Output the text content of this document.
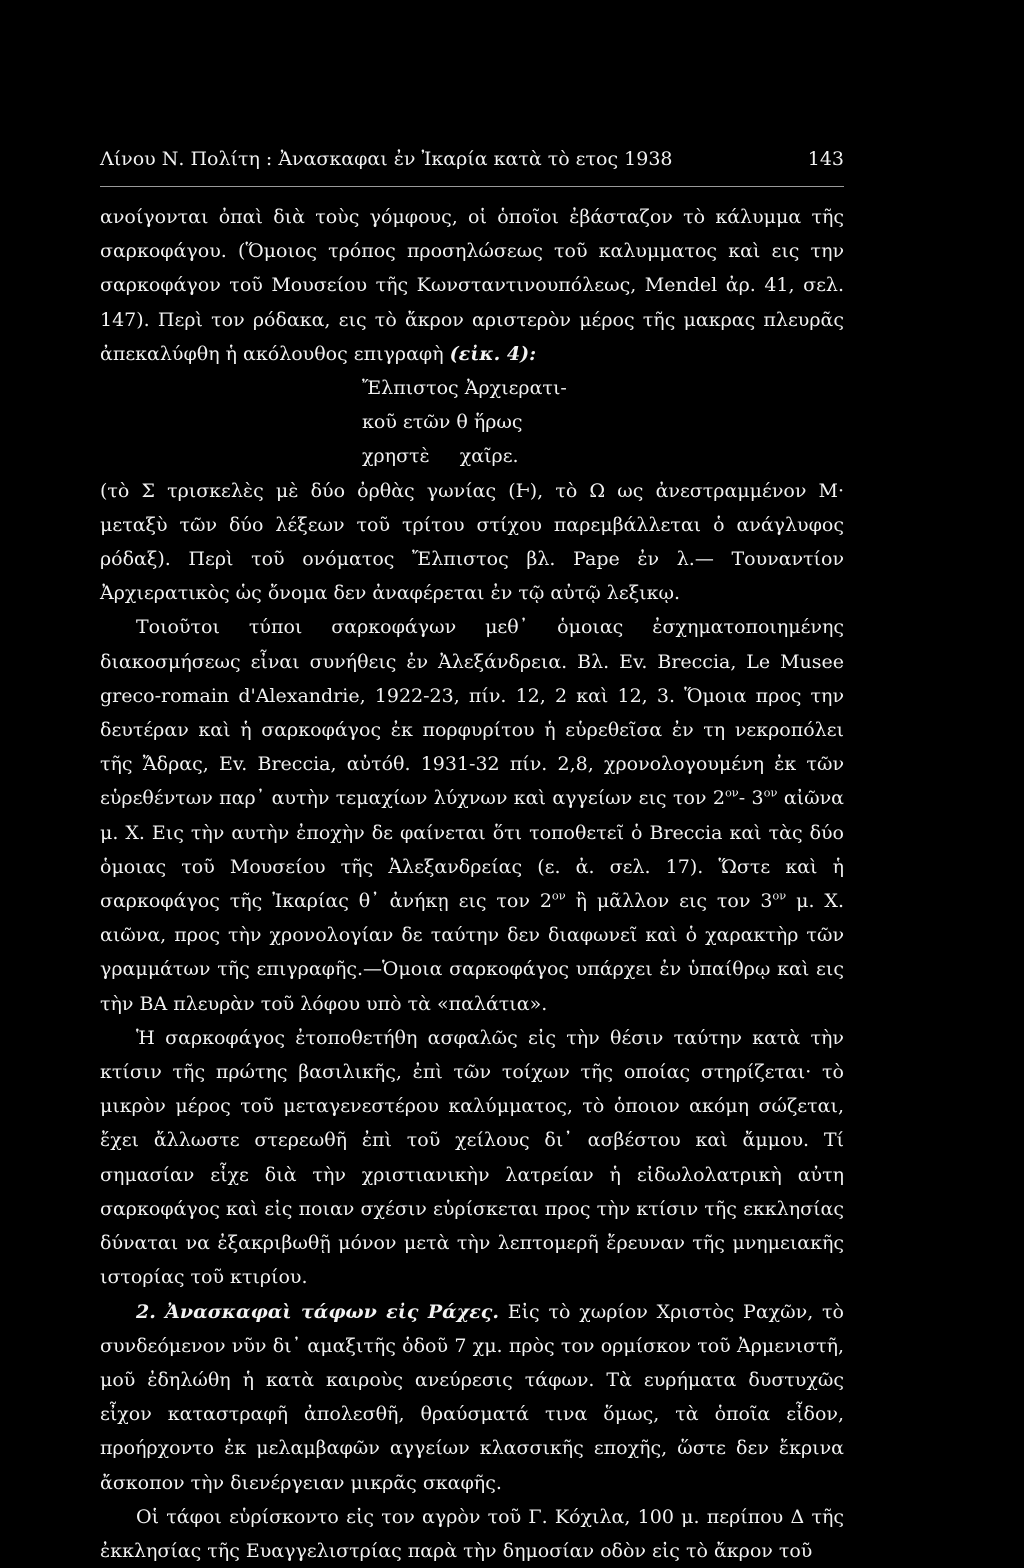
Λίνου Ν. Πολίτη : Ἀνασκαφαι ἐν Ἰκαρία κατὰ τὸ ετος 1938	143

ανοίγονται ὀπαὶ διὰ τοὺς γόμφους, οἱ ὁποῖοι ἐβάσταζον τὸ κάλυμμα τῆς σαρκοφάγου. (Ὅμοιος τρόπος προσηλώσεως τοῦ καλυμματος καὶ εις την σαρκοφάγον τοῦ Μουσείου τῆς Κωνσταντινουπόλεως, Mendel ἀρ. 41, σελ. 147). Περὶ τον ρόδακα, εις τὸ ἄκρον αριστερὸν μέρος τῆς μακρας πλευρᾶς ἀπεκαλύφθη ἡ ακόλουθος επιγραφὴ (εἰκ. 4):

Ἔλπιστος Ἀρχιερατι-
κοῦ ετῶν θ ἥρως
χρηστὲ χαῖρε.

(τὸ Σ τρισκελὲς μὲ δύο ὀρθὰς γωνίας (Ͱ), τὸ Ω ως ἀνεστραμμένον Μ· μεταξὺ τῶν δύο λέξεων τοῦ τρίτου στίχου παρεμβάλλεται ὁ ανάγλυφος ρόδαξ). Περὶ τοῦ ονόματος Ἔλπιστος βλ. Pape ἐν λ.— Τουναντίον Ἀρχιερατικὸς ὡς ὄνομα δεν ἀναφέρεται ἐν τῷ αὐτῷ λεξικῳ.

Τοιοῦτοι τύποι σαρκοφάγων μεθ᾽ ὁμοιας ἐσχηματοποιημένης διακοσμήσεως εἶναι συνήθεις ἐν Ἀλεξάνδρεια. Βλ. Ev. Breccia, Le Musee greco-romain d'Alexandrie, 1922-23, πίν. 12, 2 καὶ 12, 3. Ὅμοια προς την δευτέραν καὶ ἡ σαρκοφάγος ἐκ πορφυρίτου ἡ εὑρεθεῖσα ἐν τη νεκροπόλει τῆς Ἄδρας, Ev. Breccia, αὐτόθ. 1931-32 πίν. 2,8, χρονολογουμένη ἐκ τῶν εὑρεθέντων παρ᾽ αυτὴν τεμαχίων λύχνων καὶ αγγείων εις τον $2^{o\nu}-$ $3^{o\nu}$ αἰῶνα μ. Χ. Εις τὴν αυτὴν ἐποχὴν δε φαίνεται ὅτι τοποθετεῖ ὁ Breccia καὶ τὰς δύο ὁμοιας τοῦ Μουσείου τῆς Ἀλεξανδρείας (ε. ἀ. σελ. 17). Ὥστε καὶ ἡ σαρκοφάγος τῆς Ἰκαρίας θ᾽ ἀνήκῃ εις τον $2^{o\nu}$ ἢ μᾶλλον εις τον $3^{o\nu}$ μ. Χ. αιῶνα, προς τὴν χρονολογίαν δε ταύτην δεν διαφωνεῖ καὶ ὁ χαρακτὴρ τῶν γραμμάτων τῆς επιγραφῆς.—Ὁμοια σαρκοφάγος υπάρχει ἐν ὑπαίθρῳ καὶ εις τὴν ΒΑ πλευρὰν τοῦ λόφου υπὸ τὰ «παλάτια».

Ἡ σαρκοφάγος ἐτοποθετήθη ασφαλῶς εἰς τὴν θέσιν ταύτην κατὰ τὴν κτίσιν τῆς πρώτης βασιλικῆς, ἐπὶ τῶν τοίχων τῆς οποίας στηρίζεται· τὸ μικρὸν μέρος τοῦ μεταγενεστέρου καλύμματος, τὸ ὁποιον ακόμη σώζεται, ἔχει ἄλλωστε στερεωθῆ ἐπὶ τοῦ χείλους δι᾽ ασβέστου καὶ ἄμμου. Τί σημασίαν εἶχε διὰ τὴν χριστιανικὴν λατρείαν ἡ εἰδωλολατρικὴ αὐτη σαρκοφάγος καὶ εἰς ποιαν σχέσιν εὑρίσκεται προς τὴν κτίσιν τῆς εκκλησίας δύναται να ἐξακριβωθῇ μόνον μετὰ τὴν λεπτομερῆ ἔρευναν τῆς μνημειακῆς ιστορίας τοῦ κτιρίου.

2. Ἀνασκαφαὶ τάφων εἰς Ράχες. Εἰς τὸ χωρίον Χριστὸς Ραχῶν, τὸ συνδεόμενον νῦν δι᾽ αμαξιτῆς ὁδοῦ 7 χμ. πρὸς τον ορμίσκον τοῦ Ἀρμενιστῆ, μοῦ ἐδηλώθη ἡ κατὰ καιροὺς ανεύρεσις τάφων. Τὰ ευρήματα δυστυχῶς εἶχον καταστραφῆ ἀπολεσθῆ, θραύσματά τινα ὅμως, τὰ ὁποῖα εἶδον, προήρχοντο ἐκ μελαμβαφῶν αγγείων κλασσικῆς εποχῆς, ὥστε δεν ἔκρινα ἄσκοπον τὴν διενέργειαν μικρᾶς σκαφῆς.

Οἱ τάφοι εὑρίσκοντο εἰς τον αγρὸν τοῦ Γ. Κόχιλα, 100 μ. περίπου Δ τῆς ἐκκλησίας τῆς Ευαγγελιστρίας παρὰ τὴν δημοσίαν οδὸν εἰς τὸ ἄκρον τοῦ
